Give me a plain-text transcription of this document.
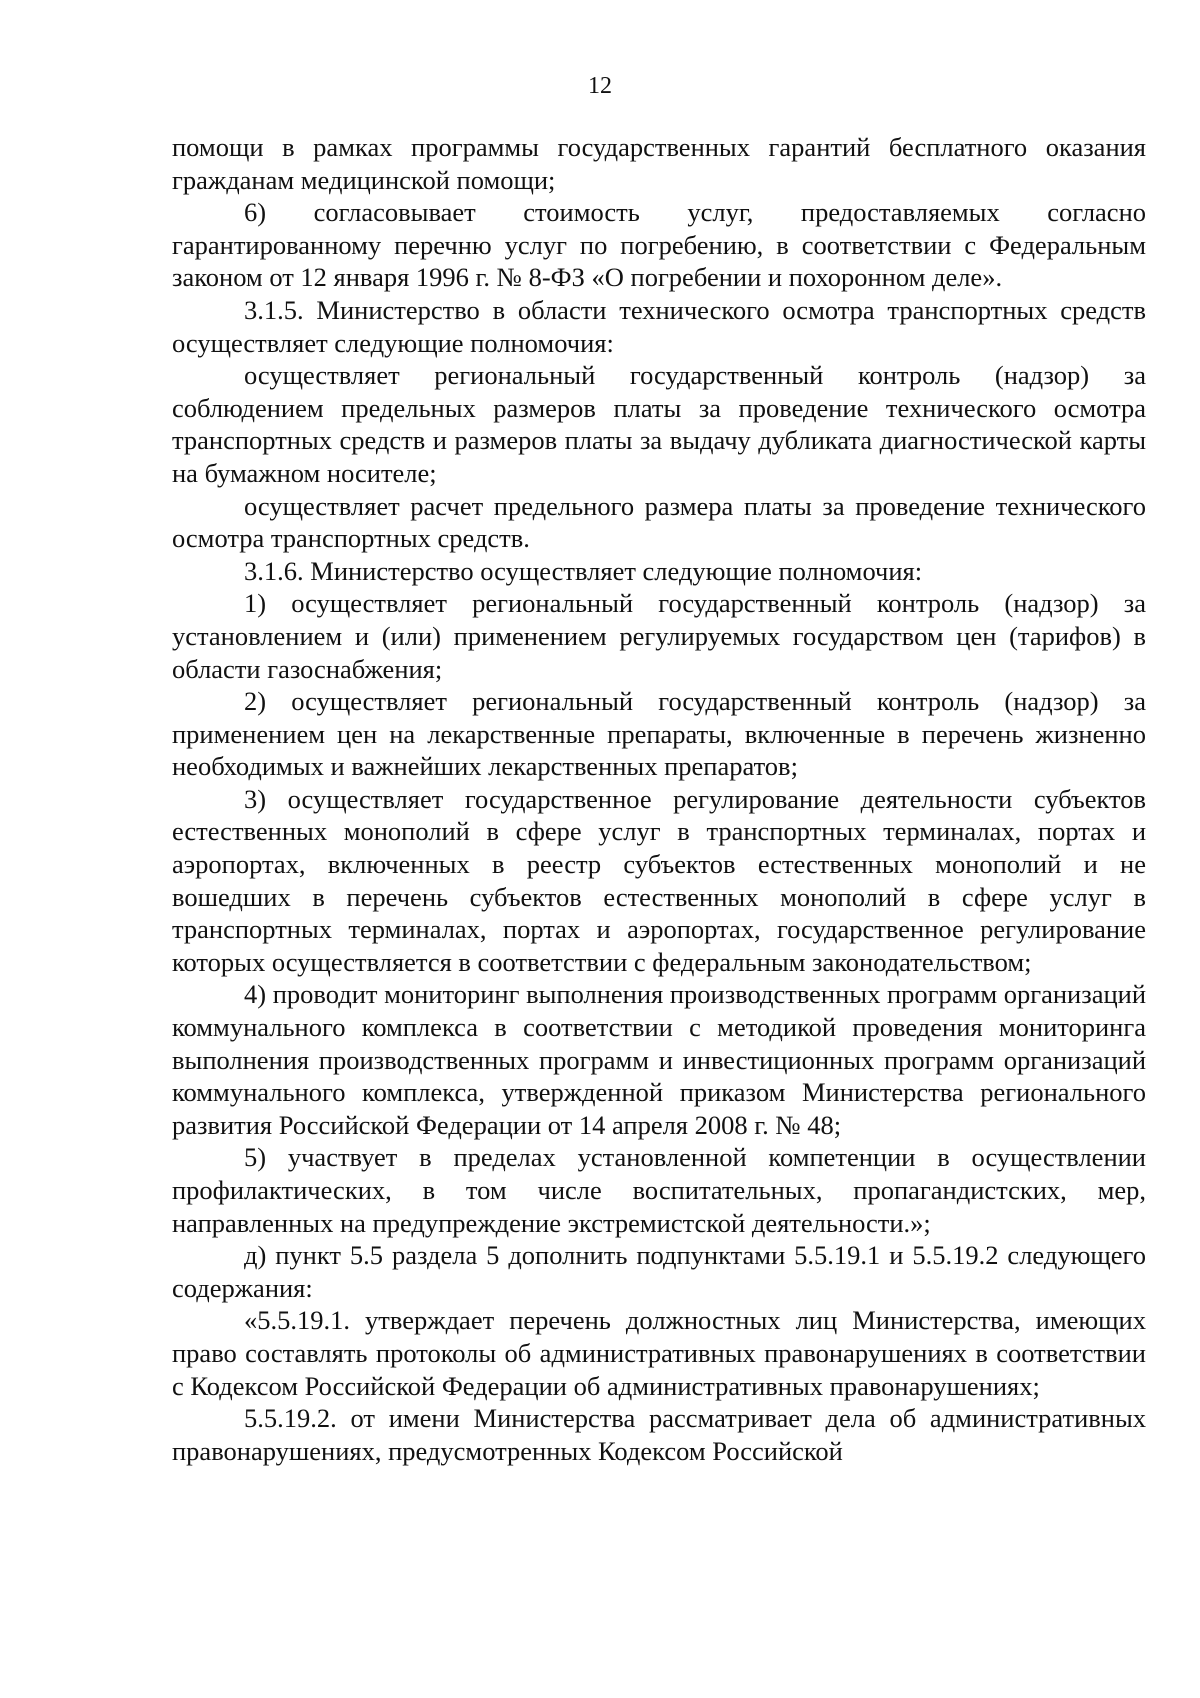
12

помощи в рамках программы государственных гарантий бесплатного оказания гражданам медицинской помощи;

6) согласовывает стоимость услуг, предоставляемых согласно гарантированному перечню услуг по погребению, в соответствии с Федеральным законом от 12 января 1996 г. № 8-ФЗ «О погребении и похоронном деле».

3.1.5. Министерство в области технического осмотра транспортных средств осуществляет следующие полномочия:

осуществляет региональный государственный контроль (надзор) за соблюдением предельных размеров платы за проведение технического осмотра транспортных средств и размеров платы за выдачу дубликата диагностической карты на бумажном носителе;

осуществляет расчет предельного размера платы за проведение технического осмотра транспортных средств.

3.1.6. Министерство осуществляет следующие полномочия:

1) осуществляет региональный государственный контроль (надзор) за установлением и (или) применением регулируемых государством цен (тарифов) в области газоснабжения;

2) осуществляет региональный государственный контроль (надзор) за применением цен на лекарственные препараты, включенные в перечень жизненно необходимых и важнейших лекарственных препаратов;

3) осуществляет государственное регулирование деятельности субъектов естественных монополий в сфере услуг в транспортных терминалах, портах и аэропортах, включенных в реестр субъектов естественных монополий и не вошедших в перечень субъектов естественных монополий в сфере услуг в транспортных терминалах, портах и аэропортах, государственное регулирование которых осуществляется в соответствии с федеральным законодательством;

4) проводит мониторинг выполнения производственных программ организаций коммунального комплекса в соответствии с методикой проведения мониторинга выполнения производственных программ и инвестиционных программ организаций коммунального комплекса, утвержденной приказом Министерства регионального развития Российской Федерации от 14 апреля 2008 г. № 48;

5) участвует в пределах установленной компетенции в осуществлении профилактических, в том числе воспитательных, пропагандистских, мер, направленных на предупреждение экстремистской деятельности.»;

д) пункт 5.5 раздела 5 дополнить подпунктами 5.5.19.1 и 5.5.19.2 следующего содержания:

«5.5.19.1. утверждает перечень должностных лиц Министерства, имеющих право составлять протоколы об административных правонарушениях в соответствии с Кодексом Российской Федерации об административных правонарушениях;

5.5.19.2. от имени Министерства рассматривает дела об административных правонарушениях, предусмотренных Кодексом Российской
